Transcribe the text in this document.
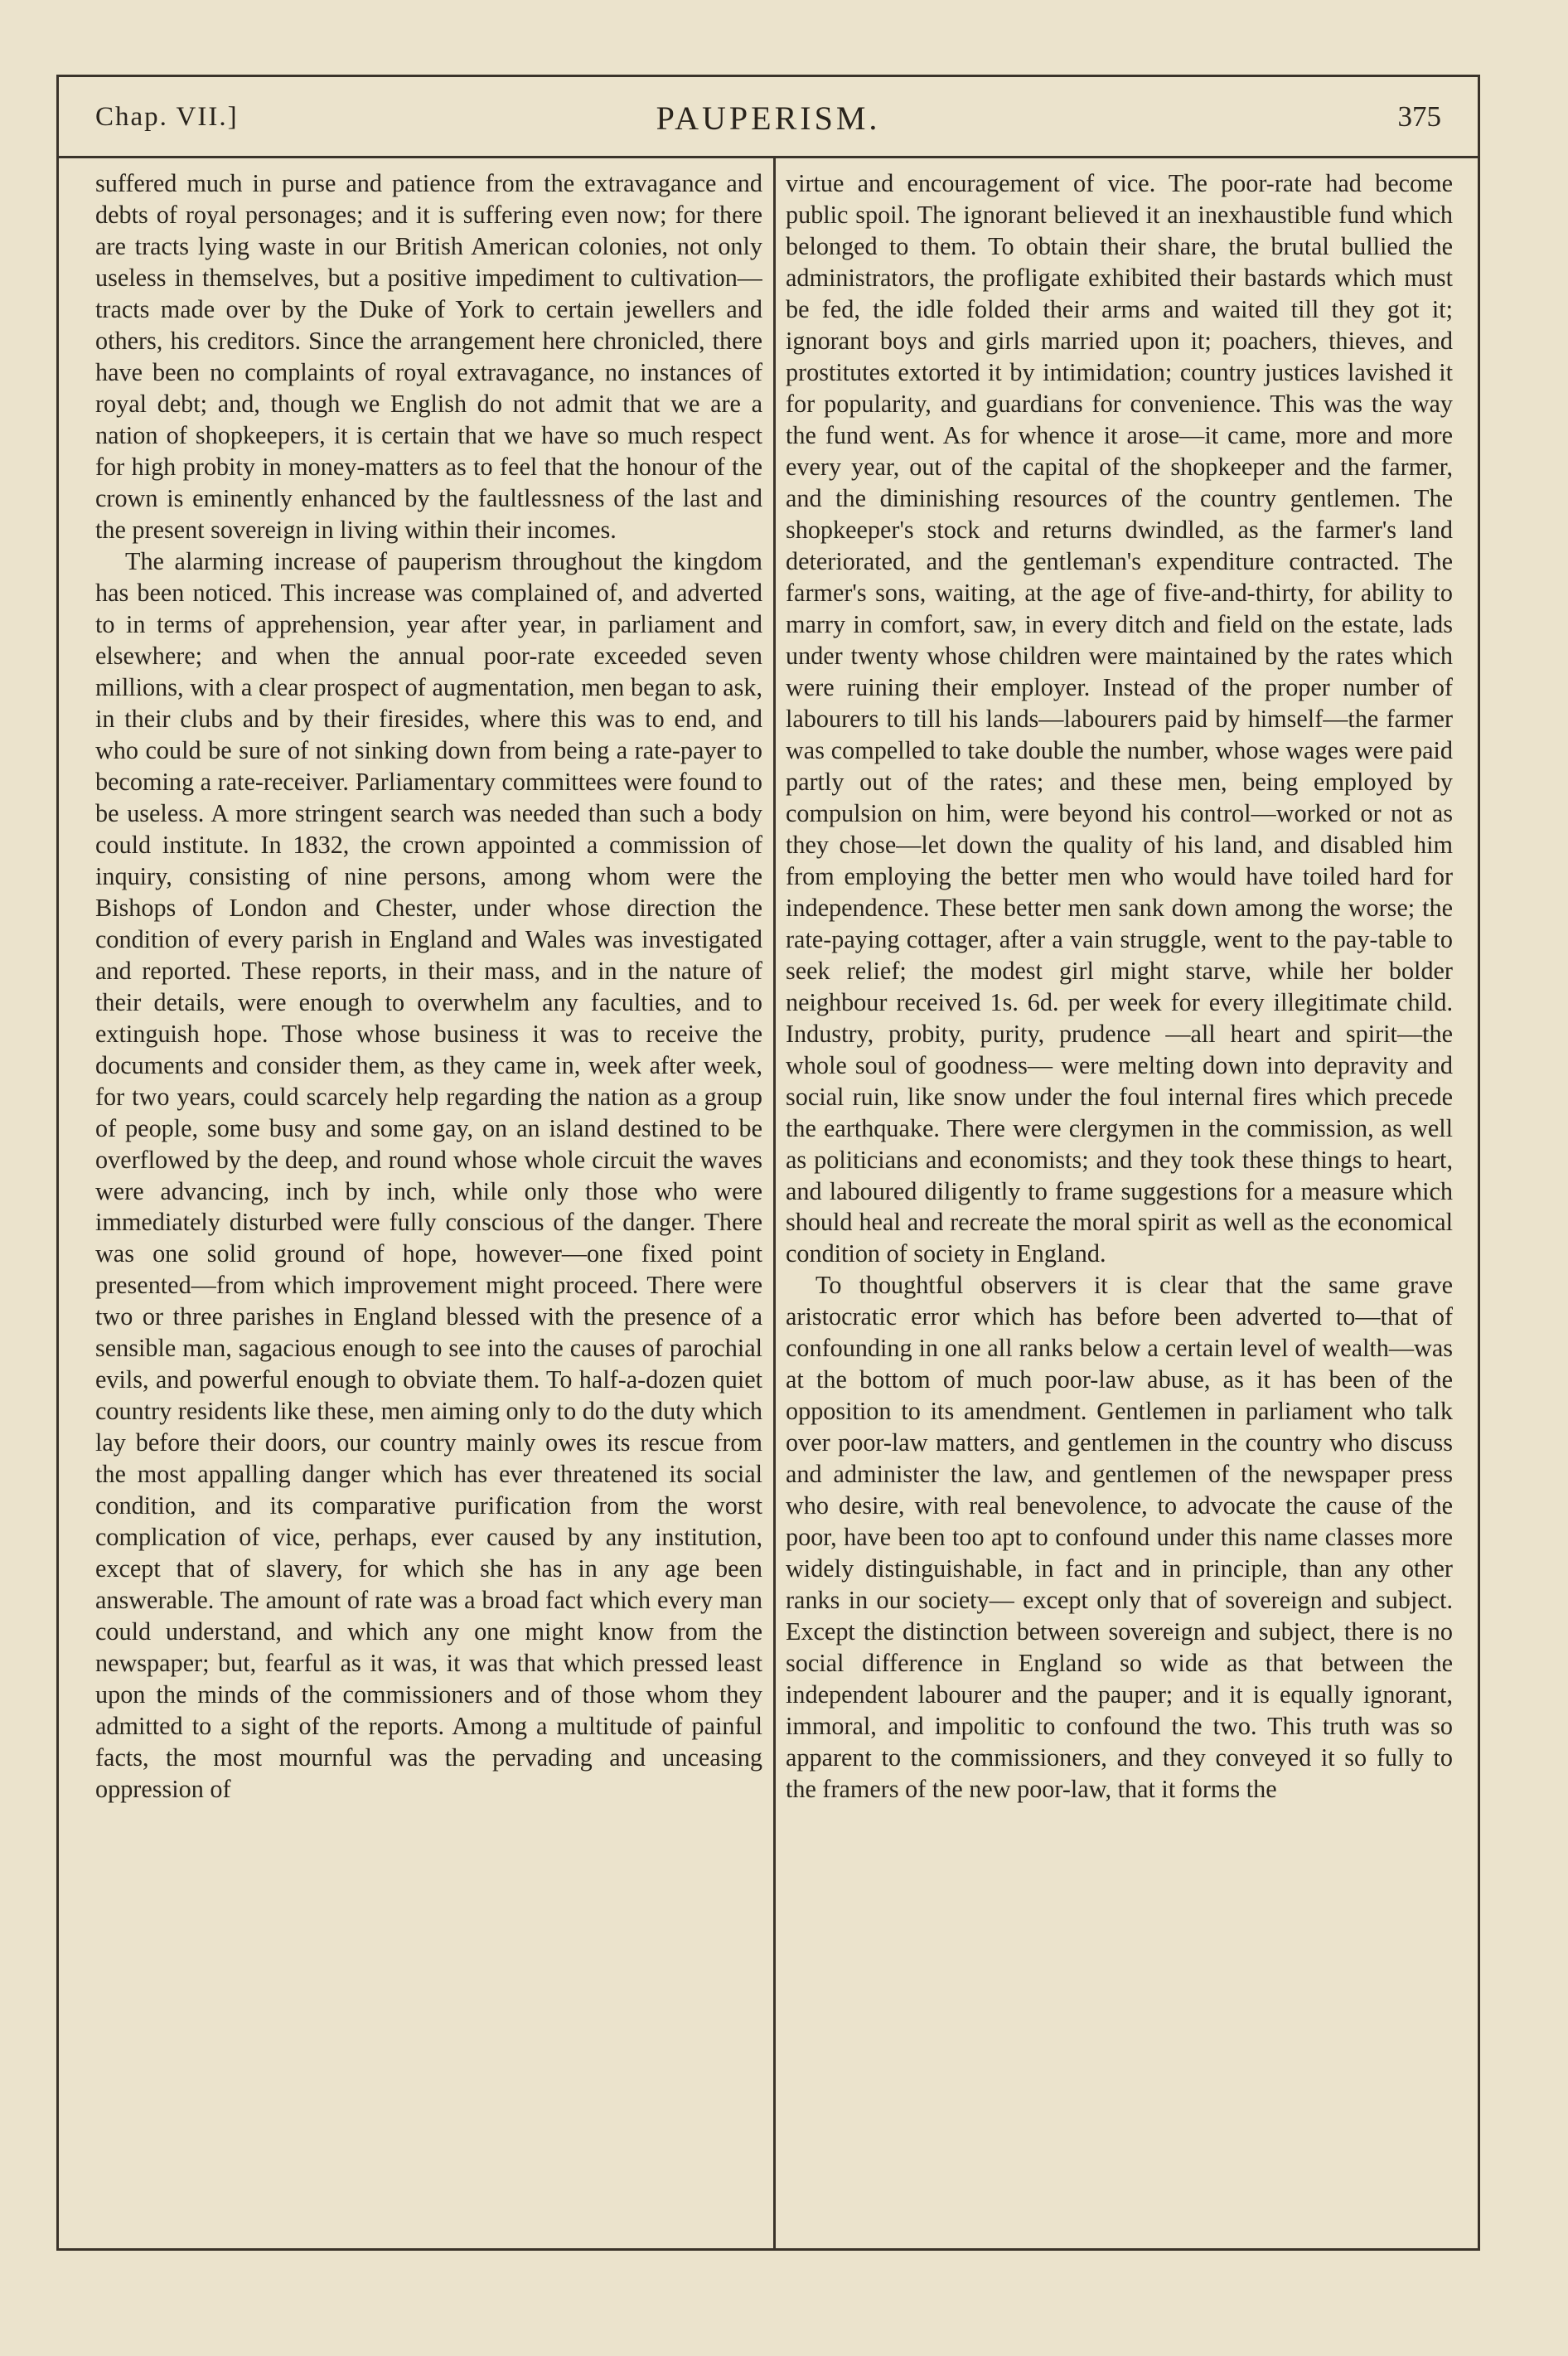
Chap. VII.]	PAUPERISM.	375

suffered much in purse and patience from the extravagance and debts of royal personages; and it is suffering even now; for there are tracts lying waste in our British American colonies, not only useless in themselves, but a positive impediment to cultivation—tracts made over by the Duke of York to certain jewellers and others, his creditors. Since the arrangement here chronicled, there have been no complaints of royal extravagance, no instances of royal debt; and, though we English do not admit that we are a nation of shopkeepers, it is certain that we have so much respect for high probity in money-matters as to feel that the honour of the crown is eminently enhanced by the faultlessness of the last and the present sovereign in living within their incomes.

The alarming increase of pauperism throughout the kingdom has been noticed. This increase was complained of, and adverted to in terms of apprehension, year after year, in parliament and elsewhere; and when the annual poor-rate exceeded seven millions, with a clear prospect of augmentation, men began to ask, in their clubs and by their firesides, where this was to end, and who could be sure of not sinking down from being a rate-payer to becoming a rate-receiver. Parliamentary committees were found to be useless. A more stringent search was needed than such a body could institute. In 1832, the crown appointed a commission of inquiry, consisting of nine persons, among whom were the Bishops of London and Chester, under whose direction the condition of every parish in England and Wales was investigated and reported. These reports, in their mass, and in the nature of their details, were enough to overwhelm any faculties, and to extinguish hope. Those whose business it was to receive the documents and consider them, as they came in, week after week, for two years, could scarcely help regarding the nation as a group of people, some busy and some gay, on an island destined to be overflowed by the deep, and round whose whole circuit the waves were advancing, inch by inch, while only those who were immediately disturbed were fully conscious of the danger. There was one solid ground of hope, however—one fixed point presented—from which improvement might proceed. There were two or three parishes in England blessed with the presence of a sensible man, sagacious enough to see into the causes of parochial evils, and powerful enough to obviate them. To half-a-dozen quiet country residents like these, men aiming only to do the duty which lay before their doors, our country mainly owes its rescue from the most appalling danger which has ever threatened its social condition, and its comparative purification from the worst complication of vice, perhaps, ever caused by any institution, except that of slavery, for which she has in any age been answerable. The amount of rate was a broad fact which every man could understand, and which any one might know from the newspaper; but, fearful as it was, it was that which pressed least upon the minds of the commissioners and of those whom they admitted to a sight of the reports. Among a multitude of painful facts, the most mournful was the pervading and unceasing oppression of

virtue and encouragement of vice. The poor-rate had become public spoil. The ignorant believed it an inexhaustible fund which belonged to them. To obtain their share, the brutal bullied the administrators, the profligate exhibited their bastards which must be fed, the idle folded their arms and waited till they got it; ignorant boys and girls married upon it; poachers, thieves, and prostitutes extorted it by intimidation; country justices lavished it for popularity, and guardians for convenience. This was the way the fund went. As for whence it arose—it came, more and more every year, out of the capital of the shopkeeper and the farmer, and the diminishing resources of the country gentlemen. The shopkeeper's stock and returns dwindled, as the farmer's land deteriorated, and the gentleman's expenditure contracted. The farmer's sons, waiting, at the age of five-and-thirty, for ability to marry in comfort, saw, in every ditch and field on the estate, lads under twenty whose children were maintained by the rates which were ruining their employer. Instead of the proper number of labourers to till his lands—labourers paid by himself—the farmer was compelled to take double the number, whose wages were paid partly out of the rates; and these men, being employed by compulsion on him, were beyond his control—worked or not as they chose—let down the quality of his land, and disabled him from employing the better men who would have toiled hard for independence. These better men sank down among the worse; the rate-paying cottager, after a vain struggle, went to the pay-table to seek relief; the modest girl might starve, while her bolder neighbour received 1s. 6d. per week for every illegitimate child. Industry, probity, purity, prudence —all heart and spirit—the whole soul of goodness— were melting down into depravity and social ruin, like snow under the foul internal fires which precede the earthquake. There were clergymen in the commission, as well as politicians and economists; and they took these things to heart, and laboured diligently to frame suggestions for a measure which should heal and recreate the moral spirit as well as the economical condition of society in England.

To thoughtful observers it is clear that the same grave aristocratic error which has before been adverted to—that of confounding in one all ranks below a certain level of wealth—was at the bottom of much poor-law abuse, as it has been of the opposition to its amendment. Gentlemen in parliament who talk over poor-law matters, and gentlemen in the country who discuss and administer the law, and gentlemen of the newspaper press who desire, with real benevolence, to advocate the cause of the poor, have been too apt to confound under this name classes more widely distinguishable, in fact and in principle, than any other ranks in our society— except only that of sovereign and subject. Except the distinction between sovereign and subject, there is no social difference in England so wide as that between the independent labourer and the pauper; and it is equally ignorant, immoral, and impolitic to confound the two. This truth was so apparent to the commissioners, and they conveyed it so fully to the framers of the new poor-law, that it forms the
